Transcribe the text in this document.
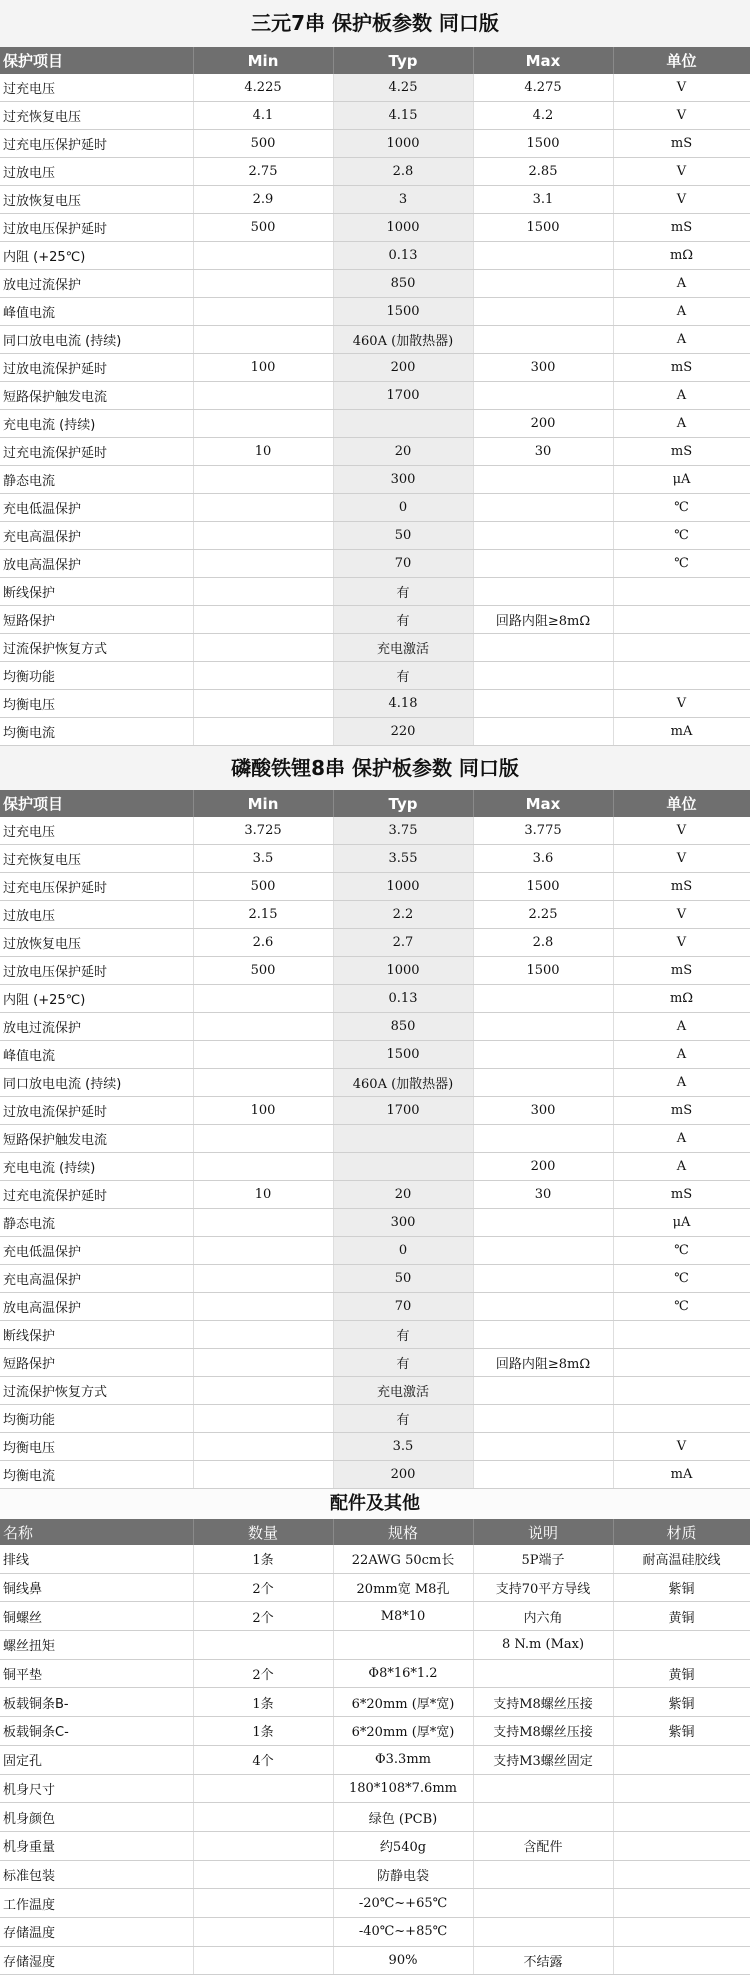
三元7串 保护板参数 同口版
保护项目	Min	Typ	Max	单位
过充电压	4.225	4.25	4.275	V
过充恢复电压	4.1	4.15	4.2	V
过充电压保护延时	500	1000	1500	mS
过放电压	2.75	2.8	2.85	V
过放恢复电压	2.9	3	3.1	V
过放电压保护延时	500	1000	1500	mS
内阻 (+25℃)		0.13		mΩ
放电过流保护		850		A
峰值电流		1500		A
同口放电电流 (持续)		460A (加散热器)		A
过放电流保护延时	100	200	300	mS
短路保护触发电流		1700		A
充电电流 (持续)			200	A
过充电流保护延时	10	20	30	mS
静态电流		300		μA
充电低温保护		0		℃
充电高温保护		50		℃
放电高温保护		70		℃
断线保护		有		
短路保护		有	回路内阻≥8mΩ	
过流保护恢复方式		充电激活		
均衡功能		有		
均衡电压		4.18		V
均衡电流		220		mA
磷酸铁锂8串 保护板参数 同口版
保护项目	Min	Typ	Max	单位
过充电压	3.725	3.75	3.775	V
过充恢复电压	3.5	3.55	3.6	V
过充电压保护延时	500	1000	1500	mS
过放电压	2.15	2.2	2.25	V
过放恢复电压	2.6	2.7	2.8	V
过放电压保护延时	500	1000	1500	mS
内阻 (+25℃)		0.13		mΩ
放电过流保护		850		A
峰值电流		1500		A
同口放电电流 (持续)		460A (加散热器)		A
过放电流保护延时	100	1700	300	mS
短路保护触发电流				A
充电电流 (持续)			200	A
过充电流保护延时	10	20	30	mS
静态电流		300		μA
充电低温保护		0		℃
充电高温保护		50		℃
放电高温保护		70		℃
断线保护		有		
短路保护		有	回路内阻≥8mΩ	
过流保护恢复方式		充电激活		
均衡功能		有		
均衡电压		3.5		V
均衡电流		200		mA
配件及其他
名称	数量	规格	说明	材质
排线	1条	22AWG 50cm长	5P端子	耐高温硅胶线
铜线鼻	2个	20mm宽 M8孔	支持70平方导线	紫铜
铜螺丝	2个	M8*10	内六角	黄铜
螺丝扭矩			8 N.m (Max)	
铜平垫	2个	Φ8*16*1.2		黄铜
板载铜条B-	1条	6*20mm (厚*宽)	支持M8螺丝压接	紫铜
板载铜条C-	1条	6*20mm (厚*宽)	支持M8螺丝压接	紫铜
固定孔	4个	Φ3.3mm	支持M3螺丝固定	
机身尺寸		180*108*7.6mm		
机身颜色		绿色 (PCB)		
机身重量		约540g	含配件	
标准包装		防静电袋		
工作温度		-20℃~+65℃		
存储温度		-40℃~+85℃		
存储湿度		90%	不结露	
